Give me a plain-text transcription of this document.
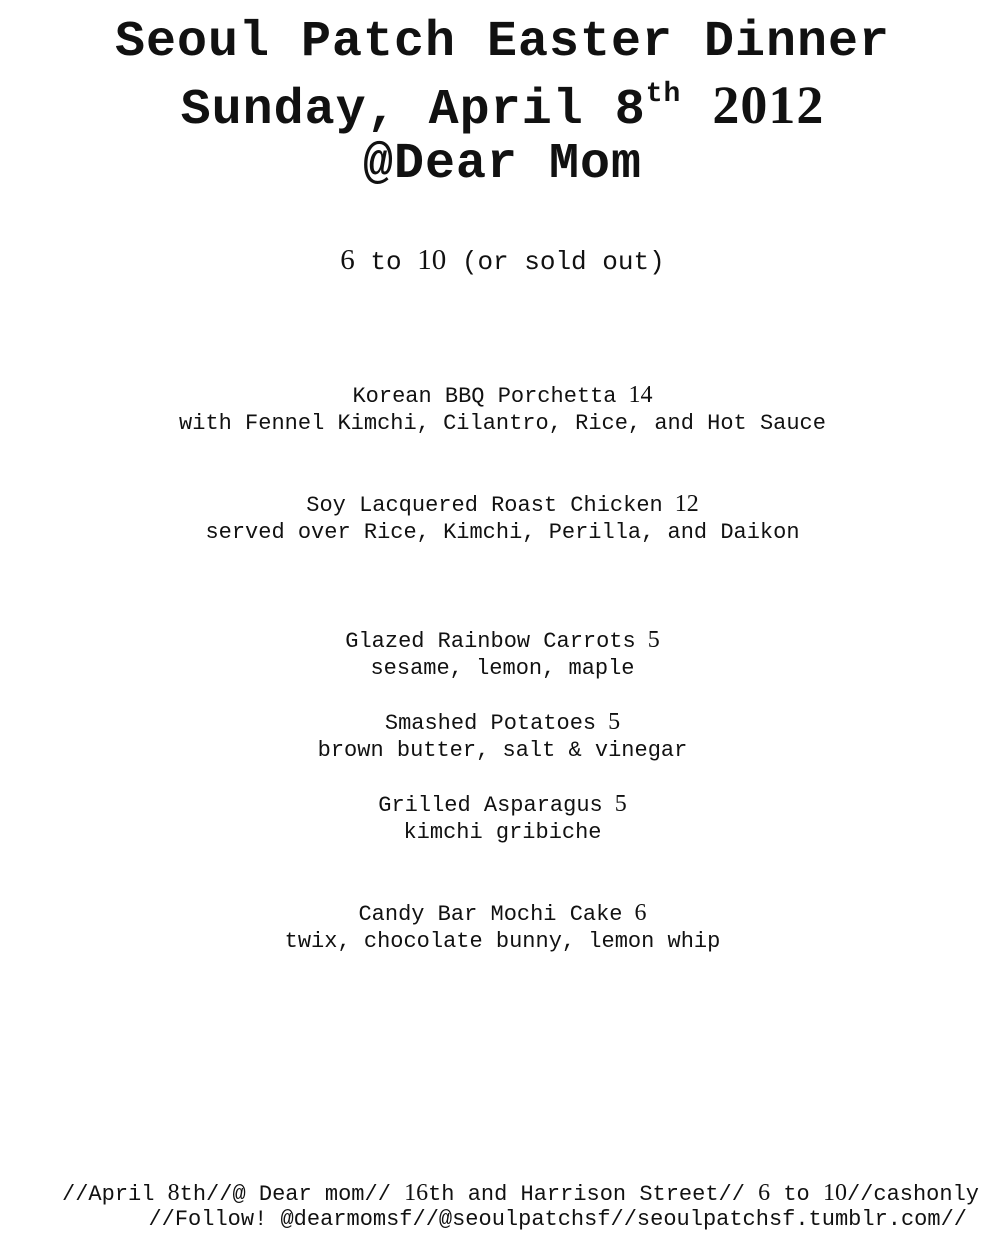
Seoul Patch Easter Dinner
Sunday, April 8th 2012
@Dear Mom
6 to 10 (or sold out)
Korean BBQ Porchetta 14
with Fennel Kimchi, Cilantro, Rice, and Hot Sauce
Soy Lacquered Roast Chicken 12
served over Rice, Kimchi, Perilla, and Daikon
Glazed Rainbow Carrots 5
sesame, lemon, maple
Smashed Potatoes 5
brown butter, salt & vinegar
Grilled Asparagus 5
kimchi gribiche
Candy Bar Mochi Cake 6
twix, chocolate bunny, lemon whip
//April 8th//@ Dear mom// 16th and Harrison Street// 6 to 10//cashonly
//Follow! @dearmomsf//@seoulpatchsf//seoulpatchsf.tumblr.com//
